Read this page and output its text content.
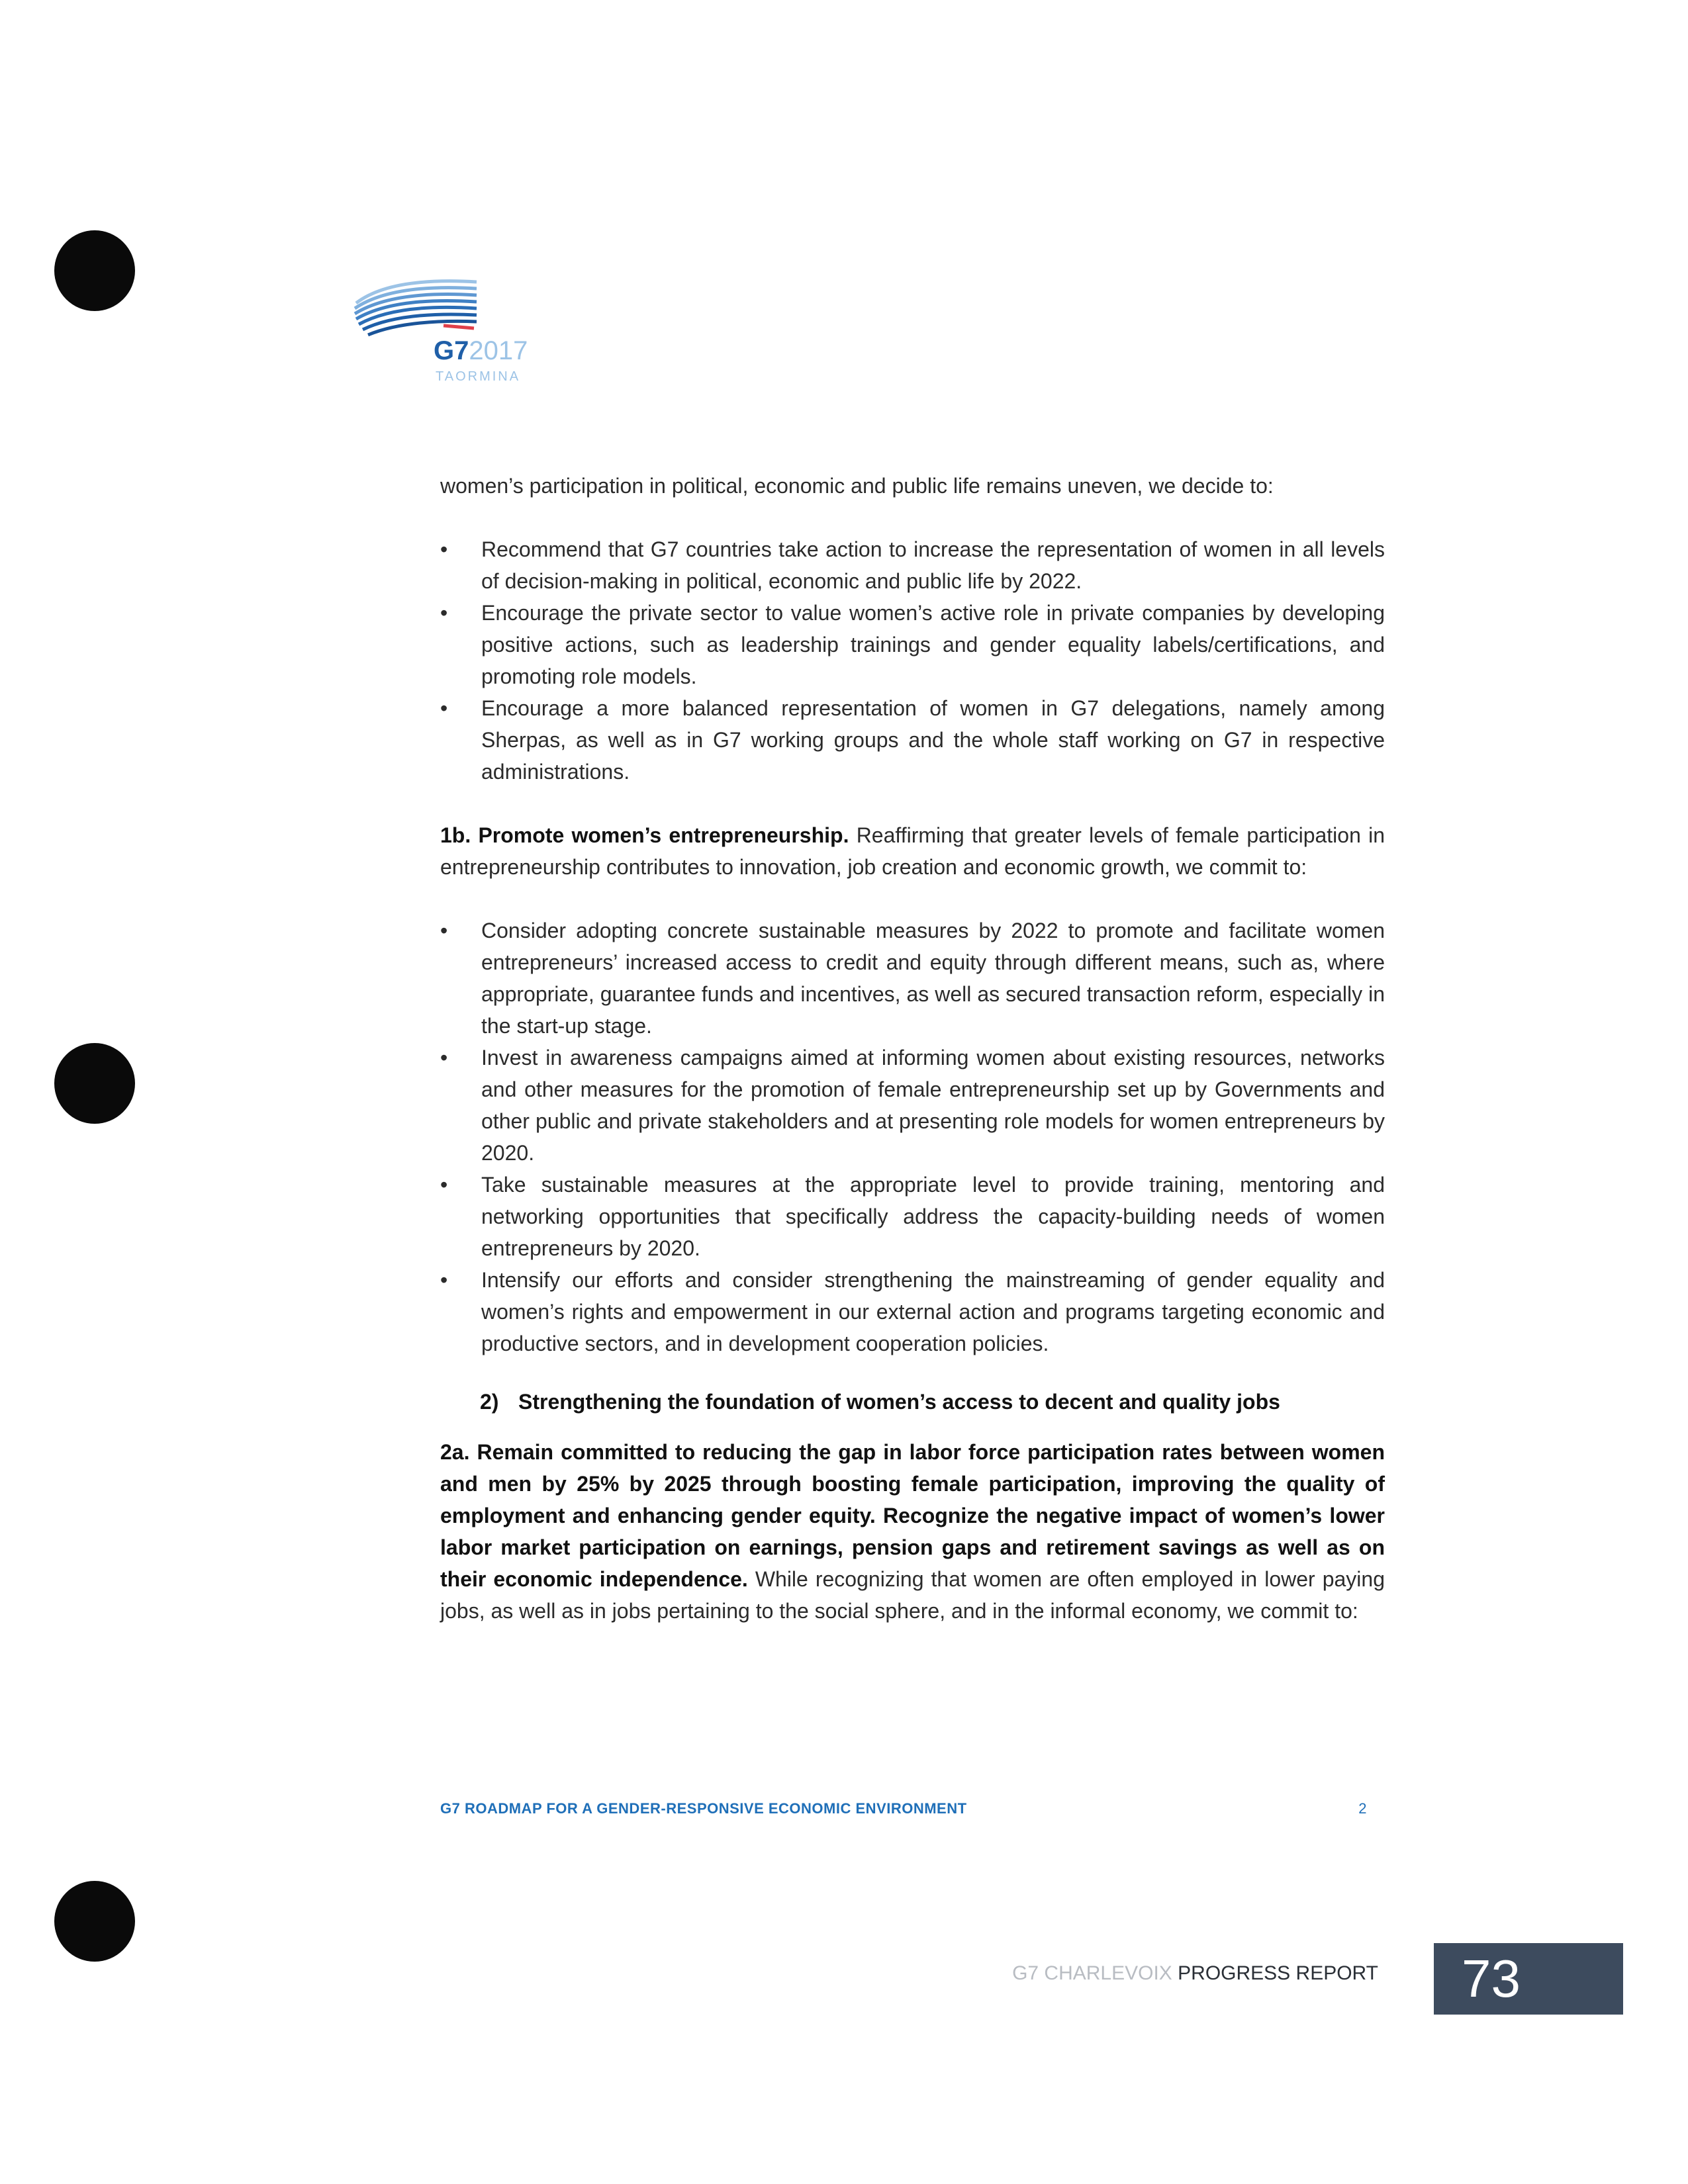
G72017
TAORMINA

women’s participation in political, economic and public life remains uneven, we decide to:

• Recommend that G7 countries take action to increase the representation of women in all levels of decision-making in political, economic and public life by 2022.
• Encourage the private sector to value women’s active role in private companies by developing positive actions, such as leadership trainings and gender equality labels/certifications, and promoting role models.
• Encourage a more balanced representation of women in G7 delegations, namely among Sherpas, as well as in G7 working groups and the whole staff working on G7 in respective administrations.

1b. Promote women’s entrepreneurship. Reaffirming that greater levels of female participation in entrepreneurship contributes to innovation, job creation and economic growth, we commit to:

• Consider adopting concrete sustainable measures by 2022 to promote and facilitate women entrepreneurs’ increased access to credit and equity through different means, such as, where appropriate, guarantee funds and incentives, as well as secured transaction reform, especially in the start-up stage.
• Invest in awareness campaigns aimed at informing women about existing resources, networks and other measures for the promotion of female entrepreneurship set up by Governments and other public and private stakeholders and at presenting role models for women entrepreneurs by 2020.
• Take sustainable measures at the appropriate level to provide training, mentoring and networking opportunities that specifically address the capacity-building needs of women entrepreneurs by 2020.
• Intensify our efforts and consider strengthening the mainstreaming of gender equality and women’s rights and empowerment in our external action and programs targeting economic and productive sectors, and in development cooperation policies.
2) Strengthening the foundation of women’s access to decent and quality jobs

2a. Remain committed to reducing the gap in labor force participation rates between women and men by 25% by 2025 through boosting female participation, improving the quality of employment and enhancing gender equity. Recognize the negative impact of women’s lower labor market participation on earnings, pension gaps and retirement savings as well as on their economic independence. While recognizing that women are often employed in lower paying jobs, as well as in jobs pertaining to the social sphere, and in the informal economy, we commit to:

G7 ROADMAP FOR A GENDER-RESPONSIVE ECONOMIC ENVIRONMENT	2
G7 CHARLEVOIX PROGRESS REPORT	73
